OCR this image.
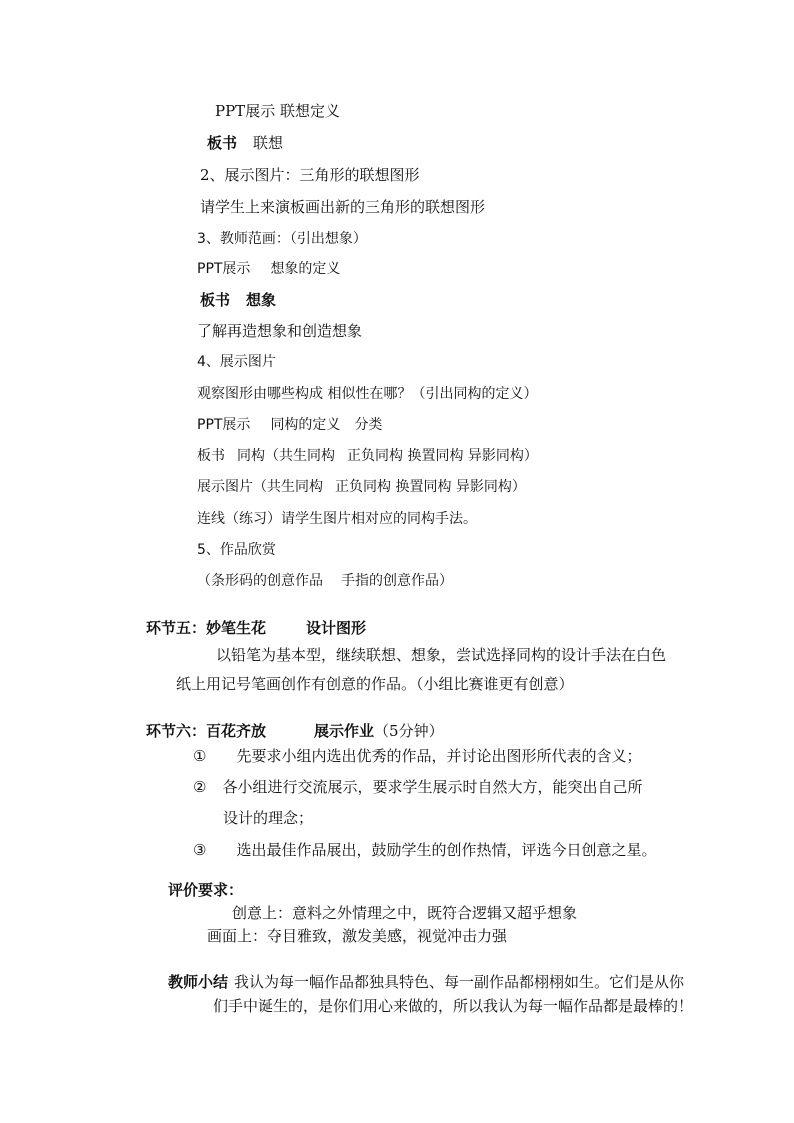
PPT展示 联想定义
板书 联想
2、展示图片：三角形的联想图形
请学生上来演板画出新的三角形的联想图形
3、教师范画：（引出想象）
PPT展示 想象的定义
板书 想象
了解再造想象和创造想象
4、展示图片
观察图形由哪些构成 相似性在哪？（引出同构的定义）
PPT展示 同构的定义 分类
板书 同构（共生同构 正负同构 换置同构 异影同构）
展示图片（共生同构 正负同构 换置同构 异影同构）
连线（练习）请学生图片相对应的同构手法。
5、作品欣赏
（条形码的创意作品 手指的创意作品）
环节五：妙笔生花	设计图形
以铅笔为基本型，继续联想、想象，尝试选择同构的设计手法在白色
纸上用记号笔画创作有创意的作品。（小组比赛谁更有创意）
环节六：百花齐放	展示作业（5分钟）
① 先要求小组内选出优秀的作品，并讨论出图形所代表的含义；
② 各小组进行交流展示，要求学生展示时自然大方，能突出自己所
设计的理念；
③ 选出最佳作品展出，鼓励学生的创作热情，评选今日创意之星。
评价要求：
创意上：意料之外情理之中，既符合逻辑又超乎想象
画面上：夺目雅致，激发美感，视觉冲击力强
教师小结 我认为每一幅作品都独具特色、每一副作品都栩栩如生。它们是从你
们手中诞生的，是你们用心来做的，所以我认为每一幅作品都是最棒的！
